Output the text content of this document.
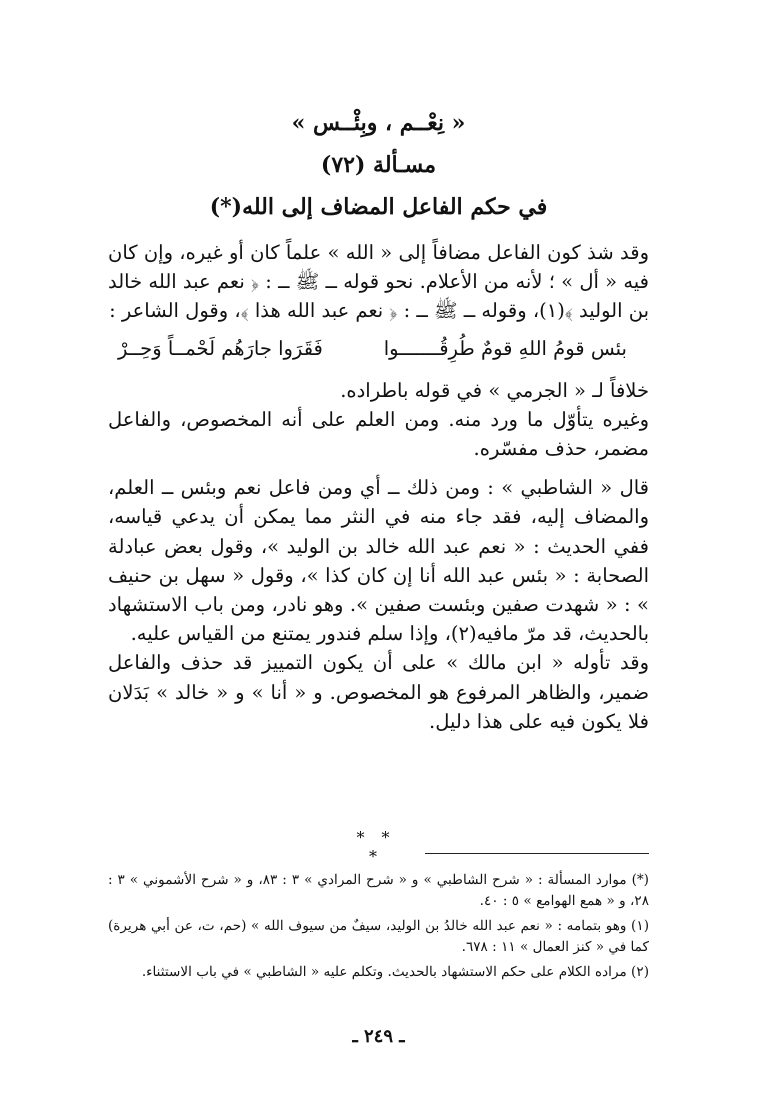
« نِعْــم ، وبِئْــس »
مسـألة (٧٢)
في حكم الفاعل المضاف إلى الله(*)

وقد شذ كون الفاعل مضافاً إلى « الله » علماً كان أو غيره، وإن كان فيه « أل » ؛ لأنه من الأعلام. نحو قوله ــ ﷺ ــ : ﴿ نعم عبد الله خالد بن الوليد ﴾(١)، وقوله ــ ﷺ ــ : ﴿ نعم عبد الله هذا ﴾، وقول الشاعر :

بئس قومُ اللهِ قومٌ طُرِقُـــــــوا
فَقَرَوا جارَهُم لَحْمــاً وَحِــرْ

خلافاً لـ « الجرمي » في قوله باطراده.

وغيره يتأوّل ما ورد منه. ومن العلم على أنه المخصوص، والفاعل مضمر، حذف مفسّره.

قال « الشاطبي » : ومن ذلك ــ أي ومن فاعل نعم وبئس ــ العلم، والمضاف إليه، فقد جاء منه في النثر مما يمكن أن يدعي قياسه، ففي الحديث : « نعم عبد الله خالد بن الوليد »، وقول بعض عبادلة الصحابة : « بئس عبد الله أنا إن كان كذا »، وقول « سهل بن حنيف » : « شهدت صفين وبئست صفين ». وهو نادر، ومن باب الاستشهاد بالحديث، قد مرّ مافيه(٢)، وإذا سلم فندور يمتنع من القياس عليه.

وقد تأوله « ابن مالك » على أن يكون التمييز قد حذف والفاعل ضمير، والظاهر المرفوع هو المخصوص. و « أنا » و « خالد » بَدَلان فلا يكون فيه على هذا دليل.

* * *

(*) موارد المسألة : « شرح الشاطبي » و « شرح المرادي » ٣ : ٨٣، و « شرح الأشموني » ٣ : ٢٨، و « همع الهوامع » ٥ : ٤٠.

(١) وهو بتمامه : « نعم عبد الله خالدُ بن الوليد، سيفٌ من سيوف الله » (حم، ت، عن أبي هريرة) كما في « كنز العمال » ١١ : ٦٧٨.

(٢) مراده الكلام على حكم الاستشهاد بالحديث. وتكلم عليه « الشاطبي » في باب الاستثناء.

ـ ٢٤٩ ـ
